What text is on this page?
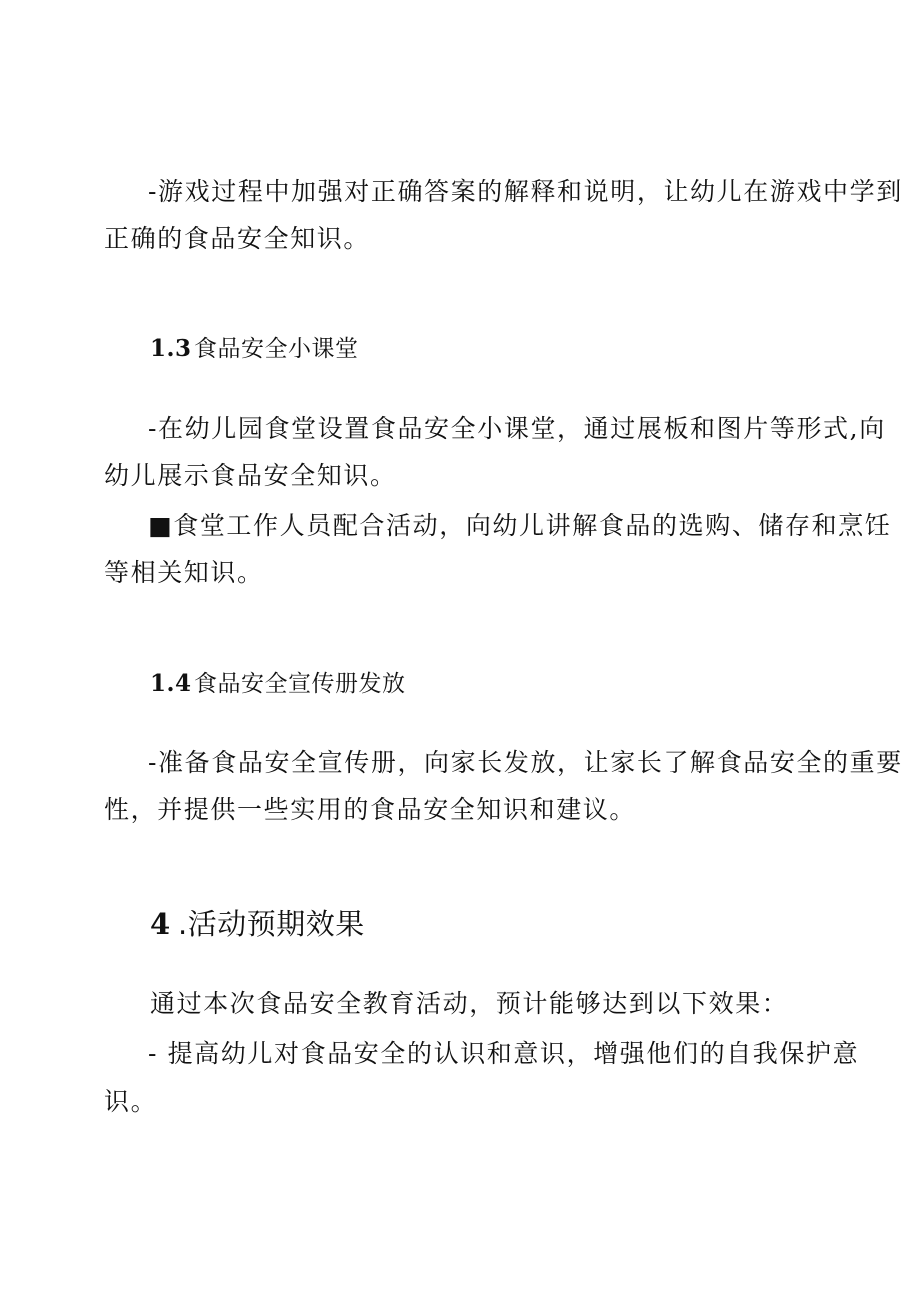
-游戏过程中加强对正确答案的解释和说明，让幼儿在游戏中学到
正确的食品安全知识。
1.3 食品安全小课堂
-在幼儿园食堂设置食品安全小课堂，通过展板和图片等形式,向
幼儿展示食品安全知识。
■食堂工作人员配合活动，向幼儿讲解食品的选购、储存和烹饪
等相关知识。
1.4 食品安全宣传册发放
-准备食品安全宣传册，向家长发放，让家长了解食品安全的重要
性，并提供一些实用的食品安全知识和建议。
4 .活动预期效果
通过本次食品安全教育活动，预计能够达到以下效果：
- 提高幼儿对食品安全的认识和意识，增强他们的自我保护意
识。
